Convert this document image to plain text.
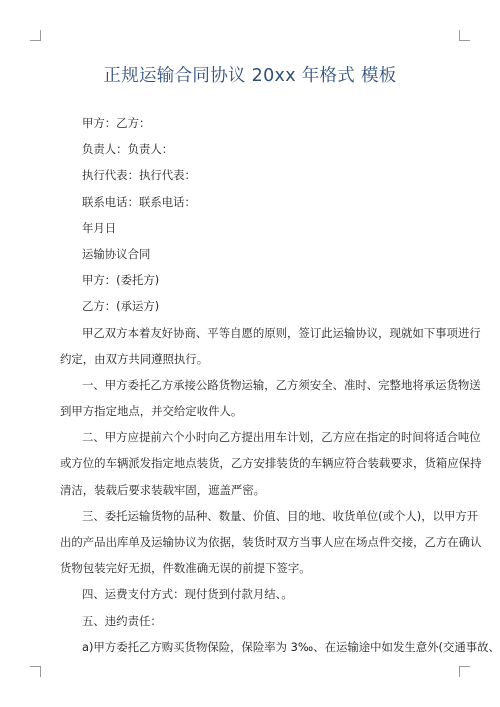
正规运输合同协议 20xx 年格式 模板
甲方：乙方：
负责人：负责人：
执行代表：执行代表：
联系电话：联系电话：
年月日
运输协议合同
甲方：(委托方)
乙方：(承运方)
甲乙双方本着友好协商、平等自愿的原则，签订此运输协议，现就如下事项进行
约定，由双方共同遵照执行。
一、甲方委托乙方承接公路货物运输，乙方须安全、准时、完整地将承运货物送
到甲方指定地点，并交给定收件人。
二、甲方应提前六个小时向乙方提出用车计划，乙方应在指定的时间将适合吨位
或方位的车辆派发指定地点装货，乙方安排装货的车辆应符合装载要求，货箱应保持
清洁，装载后要求装载牢固，遮盖严密。
三、委托运输货物的品种、数量、价值、目的地、收货单位(或个人)，以甲方开
出的产品出库单及运输协议为依据，装货时双方当事人应在场点件交接，乙方在确认
货物包装完好无损，件数准确无误的前提下签字。
四、运费支付方式：现付货到付款月结、。
五、违约责任：
a)甲方委托乙方购买货物保险，保险率为 3‰、在运输途中如发生意外(交通事故、
